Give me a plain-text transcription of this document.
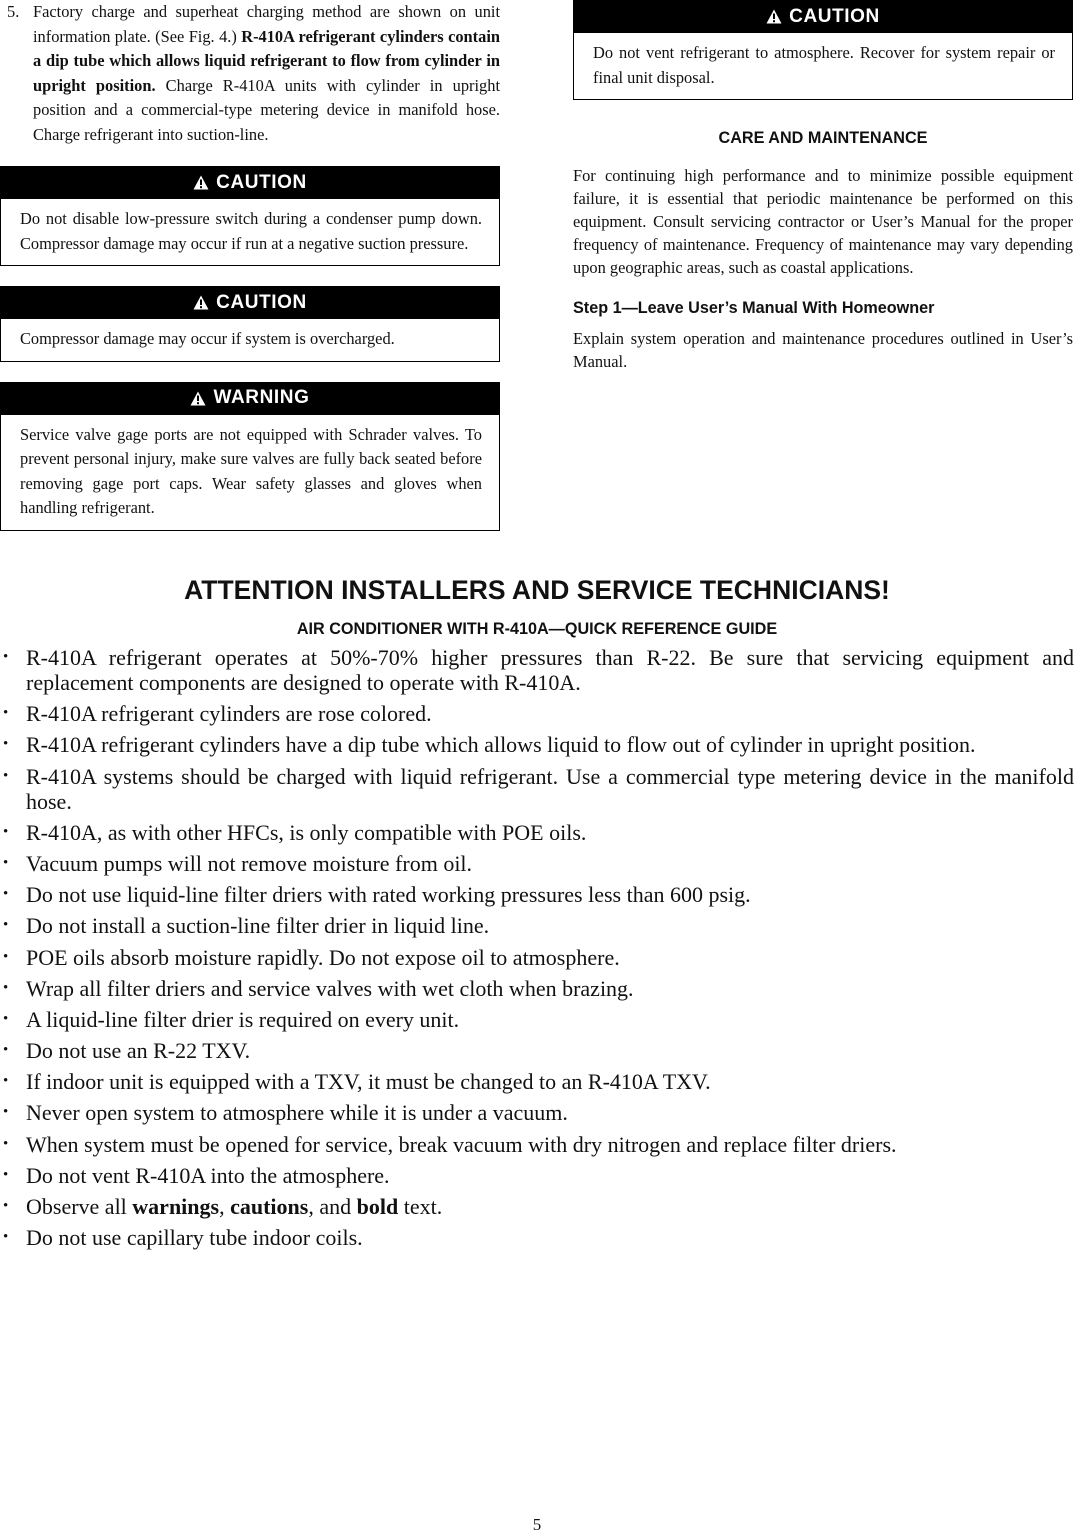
5. Factory charge and superheat charging method are shown on unit information plate. (See Fig. 4.) R-410A refrigerant cylinders contain a dip tube which allows liquid refrigerant to flow from cylinder in upright position. Charge R-410A units with cylinder in upright position and a commercial-type metering device in manifold hose. Charge refrigerant into suction-line.
CAUTION
Do not disable low-pressure switch during a condenser pump down. Compressor damage may occur if run at a negative suction pressure.
CAUTION
Compressor damage may occur if system is overcharged.
WARNING
Service valve gage ports are not equipped with Schrader valves. To prevent personal injury, make sure valves are fully back seated before removing gage port caps. Wear safety glasses and gloves when handling refrigerant.
CAUTION
Do not vent refrigerant to atmosphere. Recover for system repair or final unit disposal.
CARE AND MAINTENANCE
For continuing high performance and to minimize possible equipment failure, it is essential that periodic maintenance be performed on this equipment. Consult servicing contractor or User’s Manual for the proper frequency of maintenance. Frequency of maintenance may vary depending upon geographic areas, such as coastal applications.
Step 1—Leave User’s Manual With Homeowner
Explain system operation and maintenance procedures outlined in User’s Manual.
ATTENTION INSTALLERS AND SERVICE TECHNICIANS!
AIR CONDITIONER WITH R-410A—QUICK REFERENCE GUIDE
• R-410A refrigerant operates at 50%-70% higher pressures than R-22. Be sure that servicing equipment and replacement components are designed to operate with R-410A.
• R-410A refrigerant cylinders are rose colored.
• R-410A refrigerant cylinders have a dip tube which allows liquid to flow out of cylinder in upright position.
• R-410A systems should be charged with liquid refrigerant. Use a commercial type metering device in the manifold hose.
• R-410A, as with other HFCs, is only compatible with POE oils.
• Vacuum pumps will not remove moisture from oil.
• Do not use liquid-line filter driers with rated working pressures less than 600 psig.
• Do not install a suction-line filter drier in liquid line.
• POE oils absorb moisture rapidly. Do not expose oil to atmosphere.
• Wrap all filter driers and service valves with wet cloth when brazing.
• A liquid-line filter drier is required on every unit.
• Do not use an R-22 TXV.
• If indoor unit is equipped with a TXV, it must be changed to an R-410A TXV.
• Never open system to atmosphere while it is under a vacuum.
• When system must be opened for service, break vacuum with dry nitrogen and replace filter driers.
• Do not vent R-410A into the atmosphere.
• Observe all warnings, cautions, and bold text.
• Do not use capillary tube indoor coils.
5
